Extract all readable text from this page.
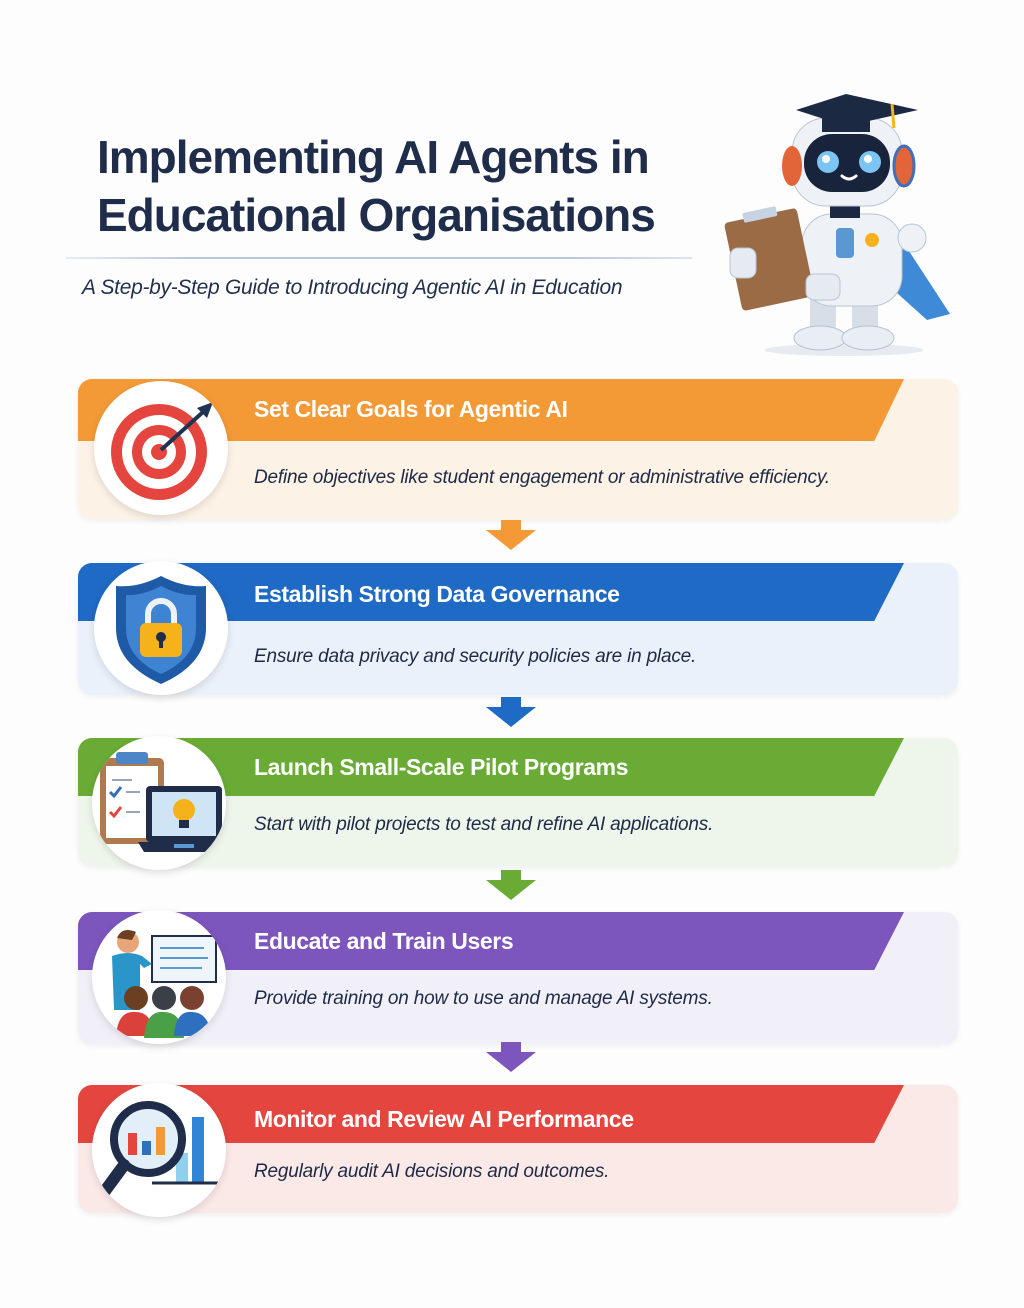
Implementing AI Agents in
Educational Organisations
A Step-by-Step Guide to Introducing Agentic AI in Education
Set Clear Goals for Agentic AI
Define objectives like student engagement or administrative efficiency.
Establish Strong Data Governance
Ensure data privacy and security policies are in place.
Launch Small-Scale Pilot Programs
Start with pilot projects to test and refine AI applications.
Educate and Train Users
Provide training on how to use and manage AI systems.
Monitor and Review AI Performance
Regularly audit AI decisions and outcomes.
